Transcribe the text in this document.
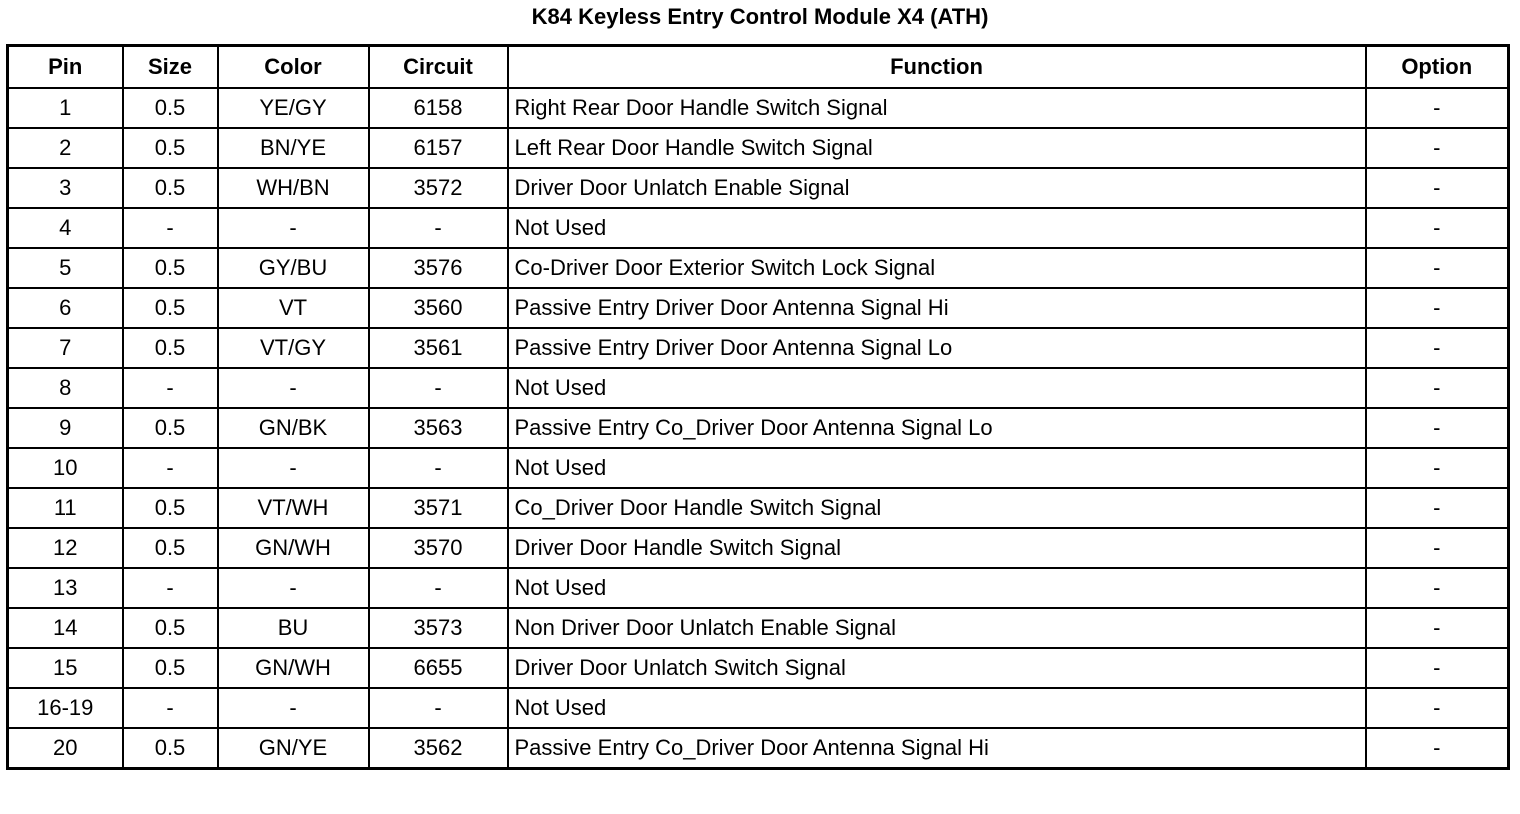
K84 Keyless Entry Control Module X4 (ATH)
Pin	Size	Color	Circuit	Function	Option
1	0.5	YE/GY	6158	Right Rear Door Handle Switch Signal	-
2	0.5	BN/YE	6157	Left Rear Door Handle Switch Signal	-
3	0.5	WH/BN	3572	Driver Door Unlatch Enable Signal	-
4	-	-	-	Not Used	-
5	0.5	GY/BU	3576	Co-Driver Door Exterior Switch Lock Signal	-
6	0.5	VT	3560	Passive Entry Driver Door Antenna Signal Hi	-
7	0.5	VT/GY	3561	Passive Entry Driver Door Antenna Signal Lo	-
8	-	-	-	Not Used	-
9	0.5	GN/BK	3563	Passive Entry Co_Driver Door Antenna Signal Lo	-
10	-	-	-	Not Used	-
11	0.5	VT/WH	3571	Co_Driver Door Handle Switch Signal	-
12	0.5	GN/WH	3570	Driver Door Handle Switch Signal	-
13	-	-	-	Not Used	-
14	0.5	BU	3573	Non Driver Door Unlatch Enable Signal	-
15	0.5	GN/WH	6655	Driver Door Unlatch Switch Signal	-
16-19	-	-	-	Not Used	-
20	0.5	GN/YE	3562	Passive Entry Co_Driver Door Antenna Signal Hi	-
